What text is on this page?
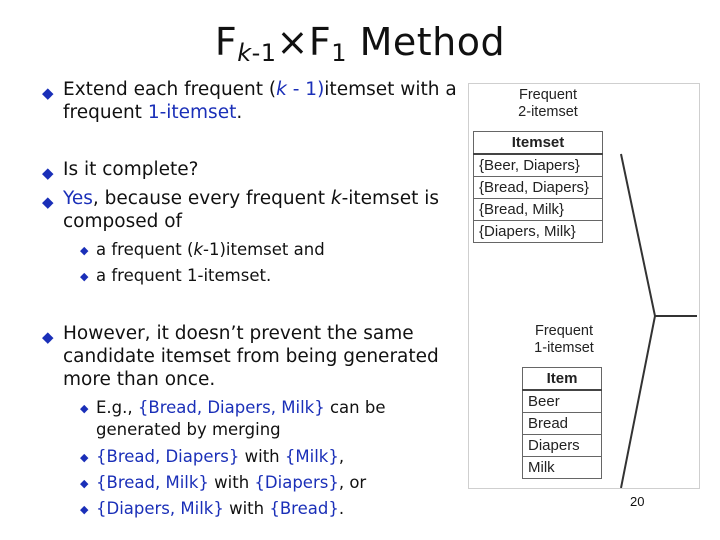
$F_{k-1}\times F_1$ Method
◆ Extend each frequent (k - 1)itemset with a frequent 1-itemset.
◆ Is it complete?
◆ Yes, because every frequent k-itemset is composed of
◆ a frequent (k-1)itemset and
◆ a frequent 1-itemset.
◆ However, it doesn’t prevent the same candidate itemset from being generated more than once.
◆ E.g., {Bread, Diapers, Milk} can be generated by merging
◆ {Bread, Diapers} with {Milk},
◆ {Bread, Milk} with {Diapers}, or
◆ {Diapers, Milk} with {Bread}.
Frequent
2-itemset
Itemset
{Beer, Diapers}
{Bread, Diapers}
{Bread, Milk}
{Diapers, Milk}
Frequent
1-itemset
Item
Beer
Bread
Diapers
Milk
20
